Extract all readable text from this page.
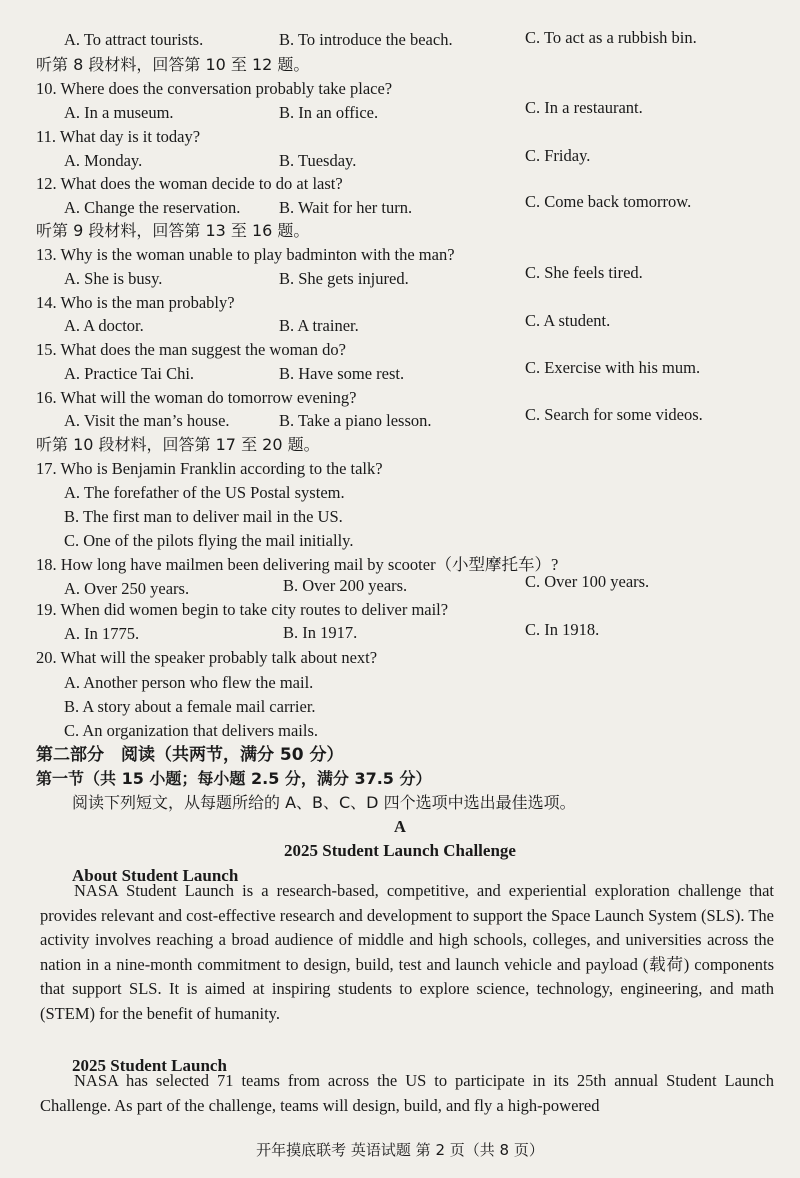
A. To attract tourists.	B. To introduce the beach.	C. To act as a rubbish bin.
听第 8 段材料，回答第 10 至 12 题。
10. Where does the conversation probably take place?
A. In a museum.	B. In an office.	C. In a restaurant.
11. What day is it today?
A. Monday.	B. Tuesday.	C. Friday.
12. What does the woman decide to do at last?
A. Change the reservation. B. Wait for her turn.	C. Come back tomorrow.
听第 9 段材料，回答第 13 至 16 题。
13. Why is the woman unable to play badminton with the man?
A. She is busy.	B. She gets injured.	C. She feels tired.
14. Who is the man probably?
A. A doctor.	B. A trainer.	C. A student.
15. What does the man suggest the woman do?
A. Practice Tai Chi.	B. Have some rest.	C. Exercise with his mum.
16. What will the woman do tomorrow evening?
A. Visit the man’s house.	B. Take a piano lesson.	C. Search for some videos.
听第 10 段材料，回答第 17 至 20 题。
17. Who is Benjamin Franklin according to the talk?
A. The forefather of the US Postal system.
B. The first man to deliver mail in the US.
C. One of the pilots flying the mail initially.
18. How long have mailmen been delivering mail by scooter（小型摩托车）?
A. Over 250 years.	B. Over 200 years.	C. Over 100 years.
19. When did women begin to take city routes to deliver mail?
A. In 1775.	B. In 1917.	C. In 1918.
20. What will the speaker probably talk about next?
A. Another person who flew the mail.
B. A story about a female mail carrier.
C. An organization that delivers mails.
第二部分　阅读（共两节，满分 50 分）
第一节（共 15 小题；每小题 2.5 分，满分 37.5 分）
阅读下列短文，从每题所给的 A、B、C、D 四个选项中选出最佳选项。
A
2025 Student Launch Challenge
About Student Launch
NASA Student Launch is a research-based, competitive, and experiential exploration challenge that provides relevant and cost-effective research and development to support the Space Launch System (SLS). The activity involves reaching a broad audience of middle and high schools, colleges, and universities across the nation in a nine-month commitment to design, build, test and launch vehicle and payload (载荷) components that support SLS. It is aimed at inspiring students to explore science, technology, engineering, and math (STEM) for the benefit of humanity.
2025 Student Launch
NASA has selected 71 teams from across the US to participate in its 25th annual Student Launch Challenge. As part of the challenge, teams will design, build, and fly a high-powered
开年摸底联考 英语试题 第 2 页（共 8 页）
